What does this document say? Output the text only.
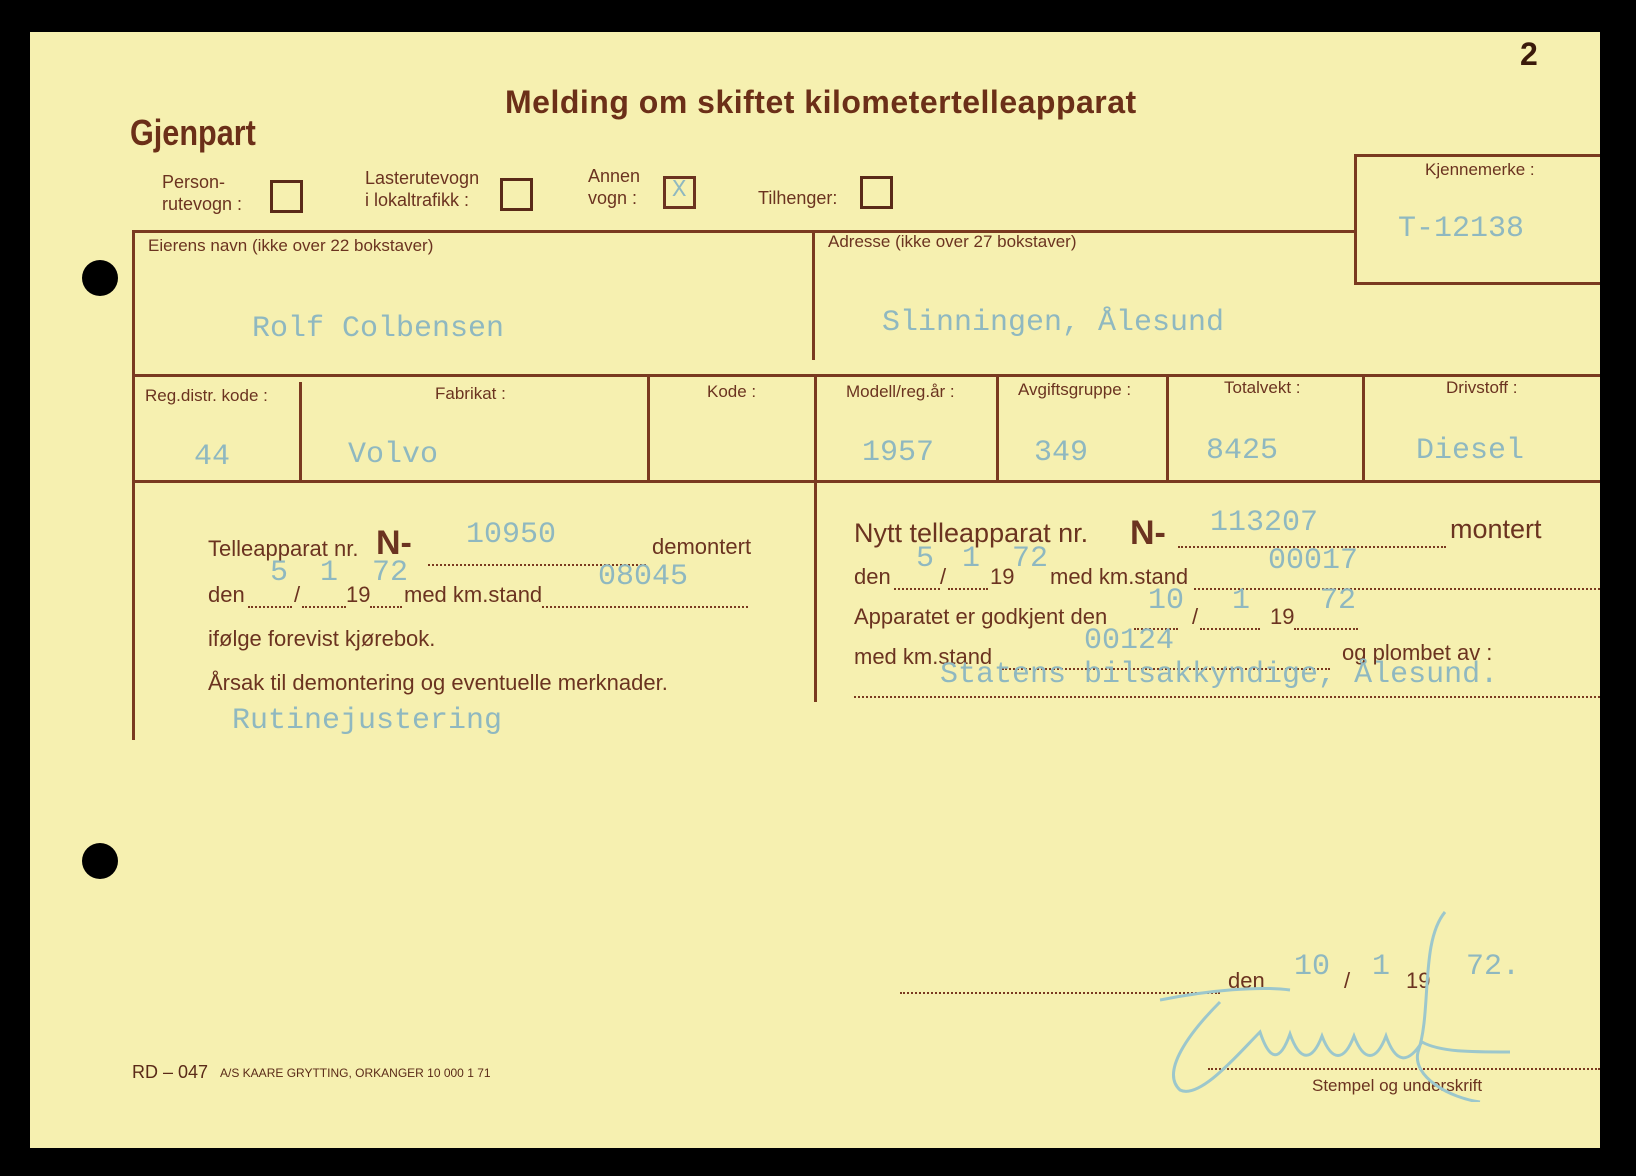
2
Melding om skiftet kilometertelleapparat
Gjenpart
Person-
rutevogn :
Lasterutevogn
i lokaltrafikk :
Annen
vogn : X	Tilhenger:
Kjennemerke :
T-12138
Eierens navn (ikke over 22 bokstaver)
Rolf Colbensen
Adresse (ikke over 27 bokstaver)
Slinningen, Ålesund
Reg.distr. kode :
44
Fabrikat :
Volvo
Kode :	Modell/reg.år :
1957
Avgiftsgruppe :
349
Totalvekt :
8425
Drivstoff :
Diesel
Telleapparat nr. N- 10950	demontert
den
5
/
1
19
72
med km.stand
08045
ifølge forevist kjørebok.
Årsak til demontering og eventuelle merknader.
Rutinejustering
Nytt telleapparat nr. N- 113207	montert
den
5
/
1
19
72
med km.stand	00017
Apparatet er godkjent den 10 / 1 19 72
med km.stand	00124	og plombet av :
Statens bilsakkyndige, Ålesund.
den 10 / 1 19 72.
Stempel og underskrift
RD – 047 A/S KAARE GRYTTING, ORKANGER 10 000 1 71
